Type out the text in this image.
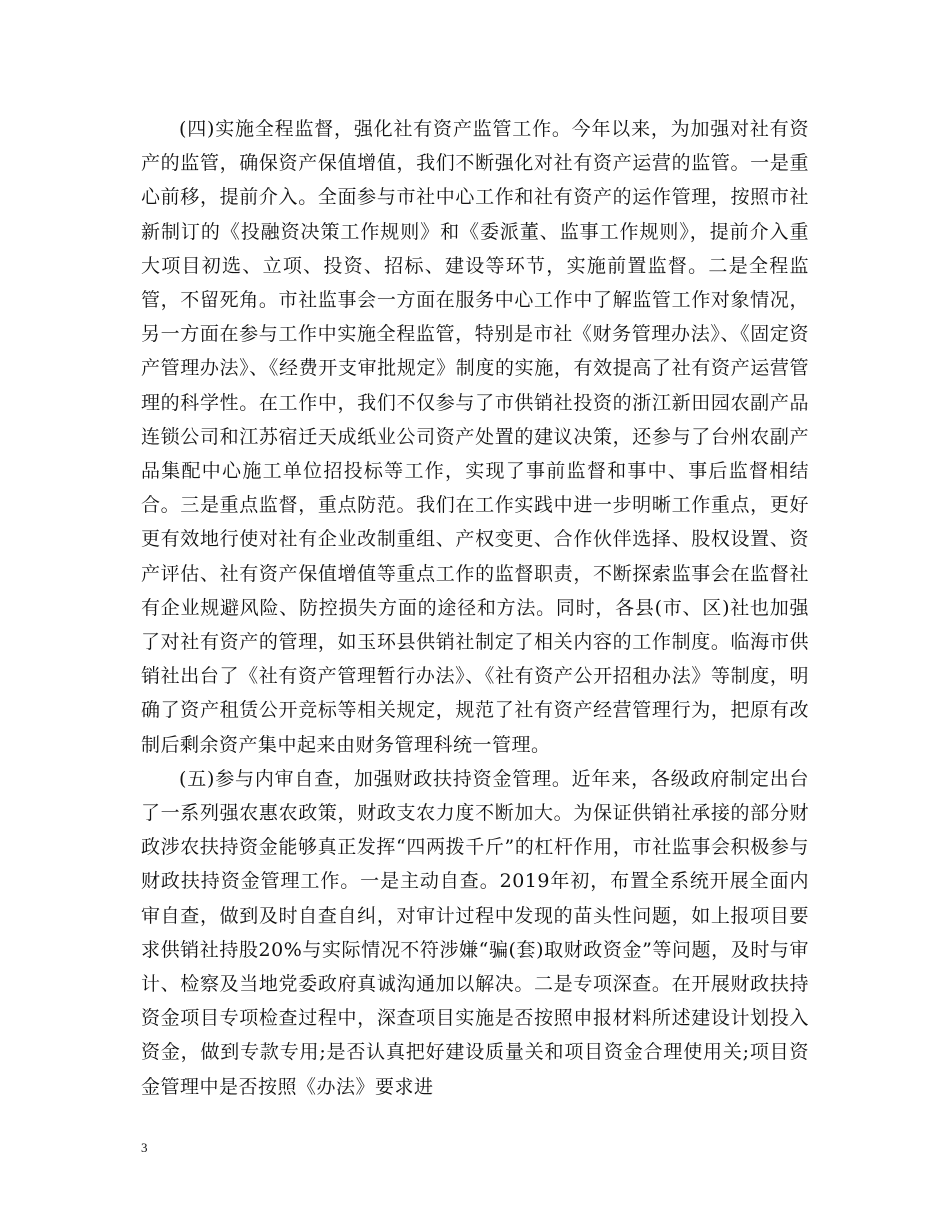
(四)实施全程监督，强化社有资产监管工作。今年以来，为加强对社有资产的监管，确保资产保值增值，我们不断强化对社有资产运营的监管。一是重心前移，提前介入。全面参与市社中心工作和社有资产的运作管理，按照市社新制订的《投融资决策工作规则》和《委派董、监事工作规则》，提前介入重大项目初选、立项、投资、招标、建设等环节，实施前置监督。二是全程监管，不留死角。市社监事会一方面在服务中心工作中了解监管工作对象情况，另一方面在参与工作中实施全程监管，特别是市社《财务管理办法》、《固定资产管理办法》、《经费开支审批规定》制度的实施，有效提高了社有资产运营管理的科学性。在工作中，我们不仅参与了市供销社投资的浙江新田园农副产品连锁公司和江苏宿迁天成纸业公司资产处置的建议决策，还参与了台州农副产品集配中心施工单位招投标等工作，实现了事前监督和事中、事后监督相结合。三是重点监督，重点防范。我们在工作实践中进一步明晰工作重点，更好更有效地行使对社有企业改制重组、产权变更、合作伙伴选择、股权设置、资产评估、社有资产保值增值等重点工作的监督职责，不断探索监事会在监督社有企业规避风险、防控损失方面的途径和方法。同时，各县(市、区)社也加强了对社有资产的管理，如玉环县供销社制定了相关内容的工作制度。临海市供销社出台了《社有资产管理暂行办法》、《社有资产公开招租办法》等制度，明确了资产租赁公开竞标等相关规定，规范了社有资产经营管理行为，把原有改制后剩余资产集中起来由财务管理科统一管理。

(五)参与内审自查，加强财政扶持资金管理。近年来，各级政府制定出台了一系列强农惠农政策，财政支农力度不断加大。为保证供销社承接的部分财政涉农扶持资金能够真正发挥“四两拨千斤”的杠杆作用，市社监事会积极参与财政扶持资金管理工作。一是主动自查。2019年初，布置全系统开展全面内审自查，做到及时自查自纠，对审计过程中发现的苗头性问题，如上报项目要求供销社持股20%与实际情况不符涉嫌“骗(套)取财政资金”等问题，及时与审计、检察及当地党委政府真诚沟通加以解决。二是专项深查。在开展财政扶持资金项目专项检查过程中，深查项目实施是否按照申报材料所述建设计划投入资金，做到专款专用;是否认真把好建设质量关和项目资金合理使用关;项目资金管理中是否按照《办法》要求进

3
